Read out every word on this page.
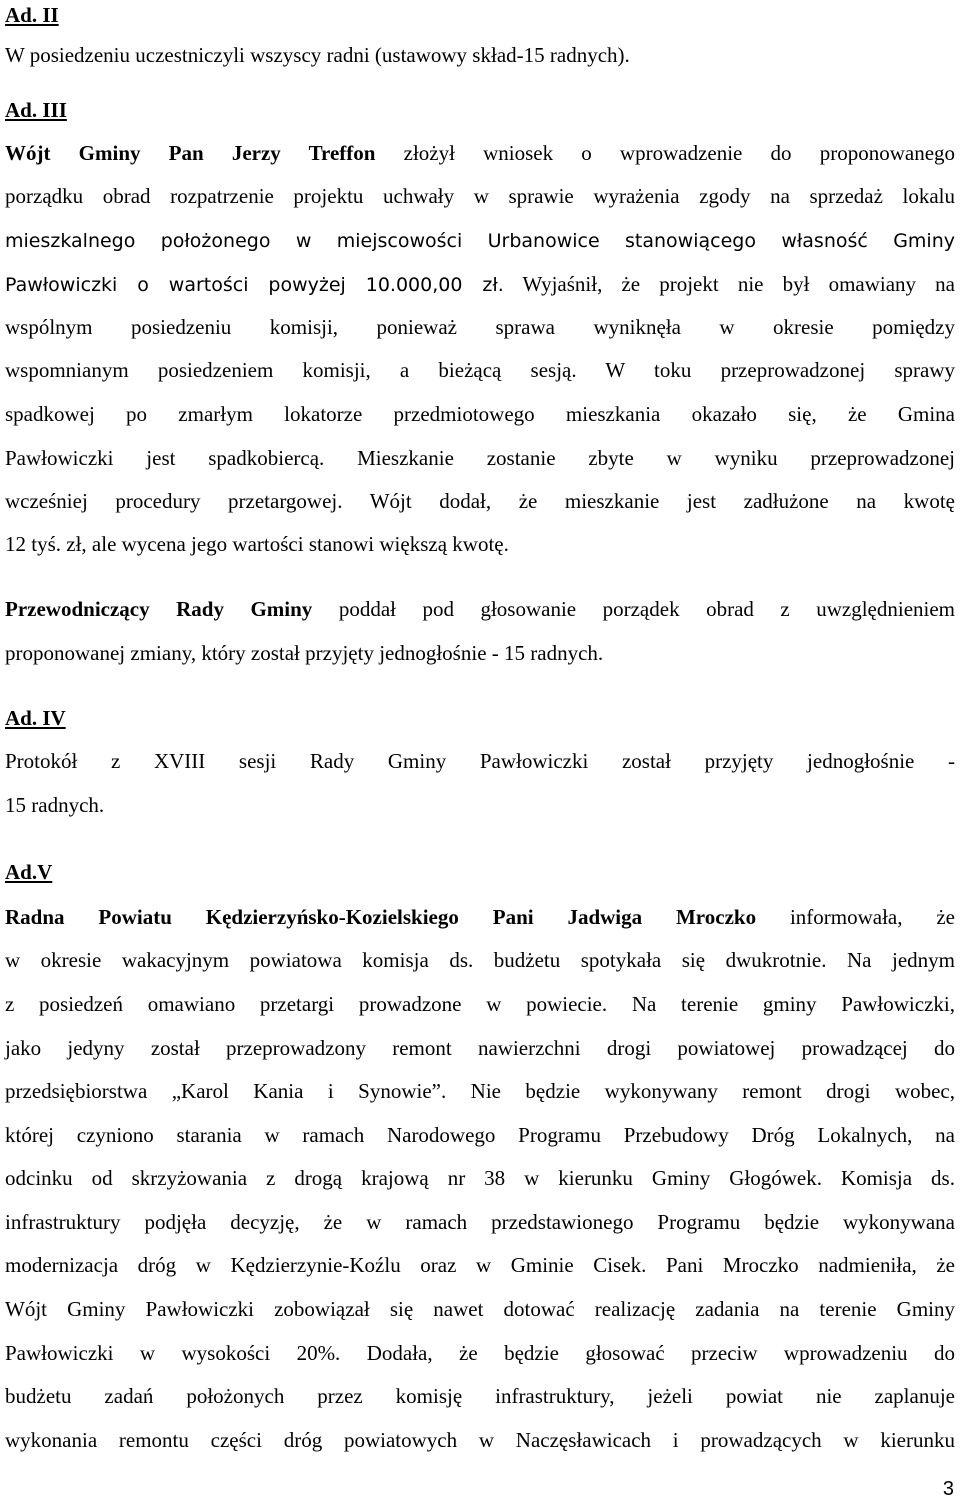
Ad. II
W posiedzeniu uczestniczyli wszyscy radni (ustawowy skład-15 radnych).
Ad. III
Wójt Gminy Pan Jerzy Treffon złożył wniosek o wprowadzenie do proponowanego
porządku obrad rozpatrzenie projektu uchwały w sprawie wyrażenia zgody na sprzedaż lokalu
mieszkalnego położonego w miejscowości Urbanowice stanowiącego własność Gminy
Pawłowiczki o wartości powyżej 10.000,00 zł. Wyjaśnił, że projekt nie był omawiany na
wspólnym posiedzeniu komisji, ponieważ sprawa wyniknęła w okresie pomiędzy
wspomnianym posiedzeniem komisji, a bieżącą sesją. W toku przeprowadzonej sprawy
spadkowej po zmarłym lokatorze przedmiotowego mieszkania okazało się, że Gmina
Pawłowiczki jest spadkobiercą. Mieszkanie zostanie zbyte w wyniku przeprowadzonej
wcześniej procedury przetargowej. Wójt dodał, że mieszkanie jest zadłużone na kwotę
12 tyś. zł, ale wycena jego wartości stanowi większą kwotę.
Przewodniczący Rady Gminy poddał pod głosowanie porządek obrad z uwzględnieniem
proponowanej zmiany, który został przyjęty jednogłośnie - 15 radnych.
Ad. IV
Protokół z XVIII sesji Rady Gminy Pawłowiczki został przyjęty jednogłośnie -
15 radnych.
Ad.V
Radna Powiatu Kędzierzyńsko-Kozielskiego Pani Jadwiga Mroczko informowała, że
w okresie wakacyjnym powiatowa komisja ds. budżetu spotykała się dwukrotnie. Na jednym
z posiedzeń omawiano przetargi prowadzone w powiecie. Na terenie gminy Pawłowiczki,
jako jedyny został przeprowadzony remont nawierzchni drogi powiatowej prowadzącej do
przedsiębiorstwa „Karol Kania i Synowie”. Nie będzie wykonywany remont drogi wobec,
której czyniono starania w ramach Narodowego Programu Przebudowy Dróg Lokalnych, na
odcinku od skrzyżowania z drogą krajową nr 38 w kierunku Gminy Głogówek. Komisja ds.
infrastruktury podjęła decyzję, że w ramach przedstawionego Programu będzie wykonywana
modernizacja dróg w Kędzierzynie-Koźlu oraz w Gminie Cisek. Pani Mroczko nadmieniła, że
Wójt Gminy Pawłowiczki zobowiązał się nawet dotować realizację zadania na terenie Gminy
Pawłowiczki w wysokości 20%. Dodała, że będzie głosować przeciw wprowadzeniu do
budżetu zadań położonych przez komisję infrastruktury, jeżeli powiat nie zaplanuje
wykonania remontu części dróg powiatowych w Naczęsławicach i prowadzących w kierunku
3
